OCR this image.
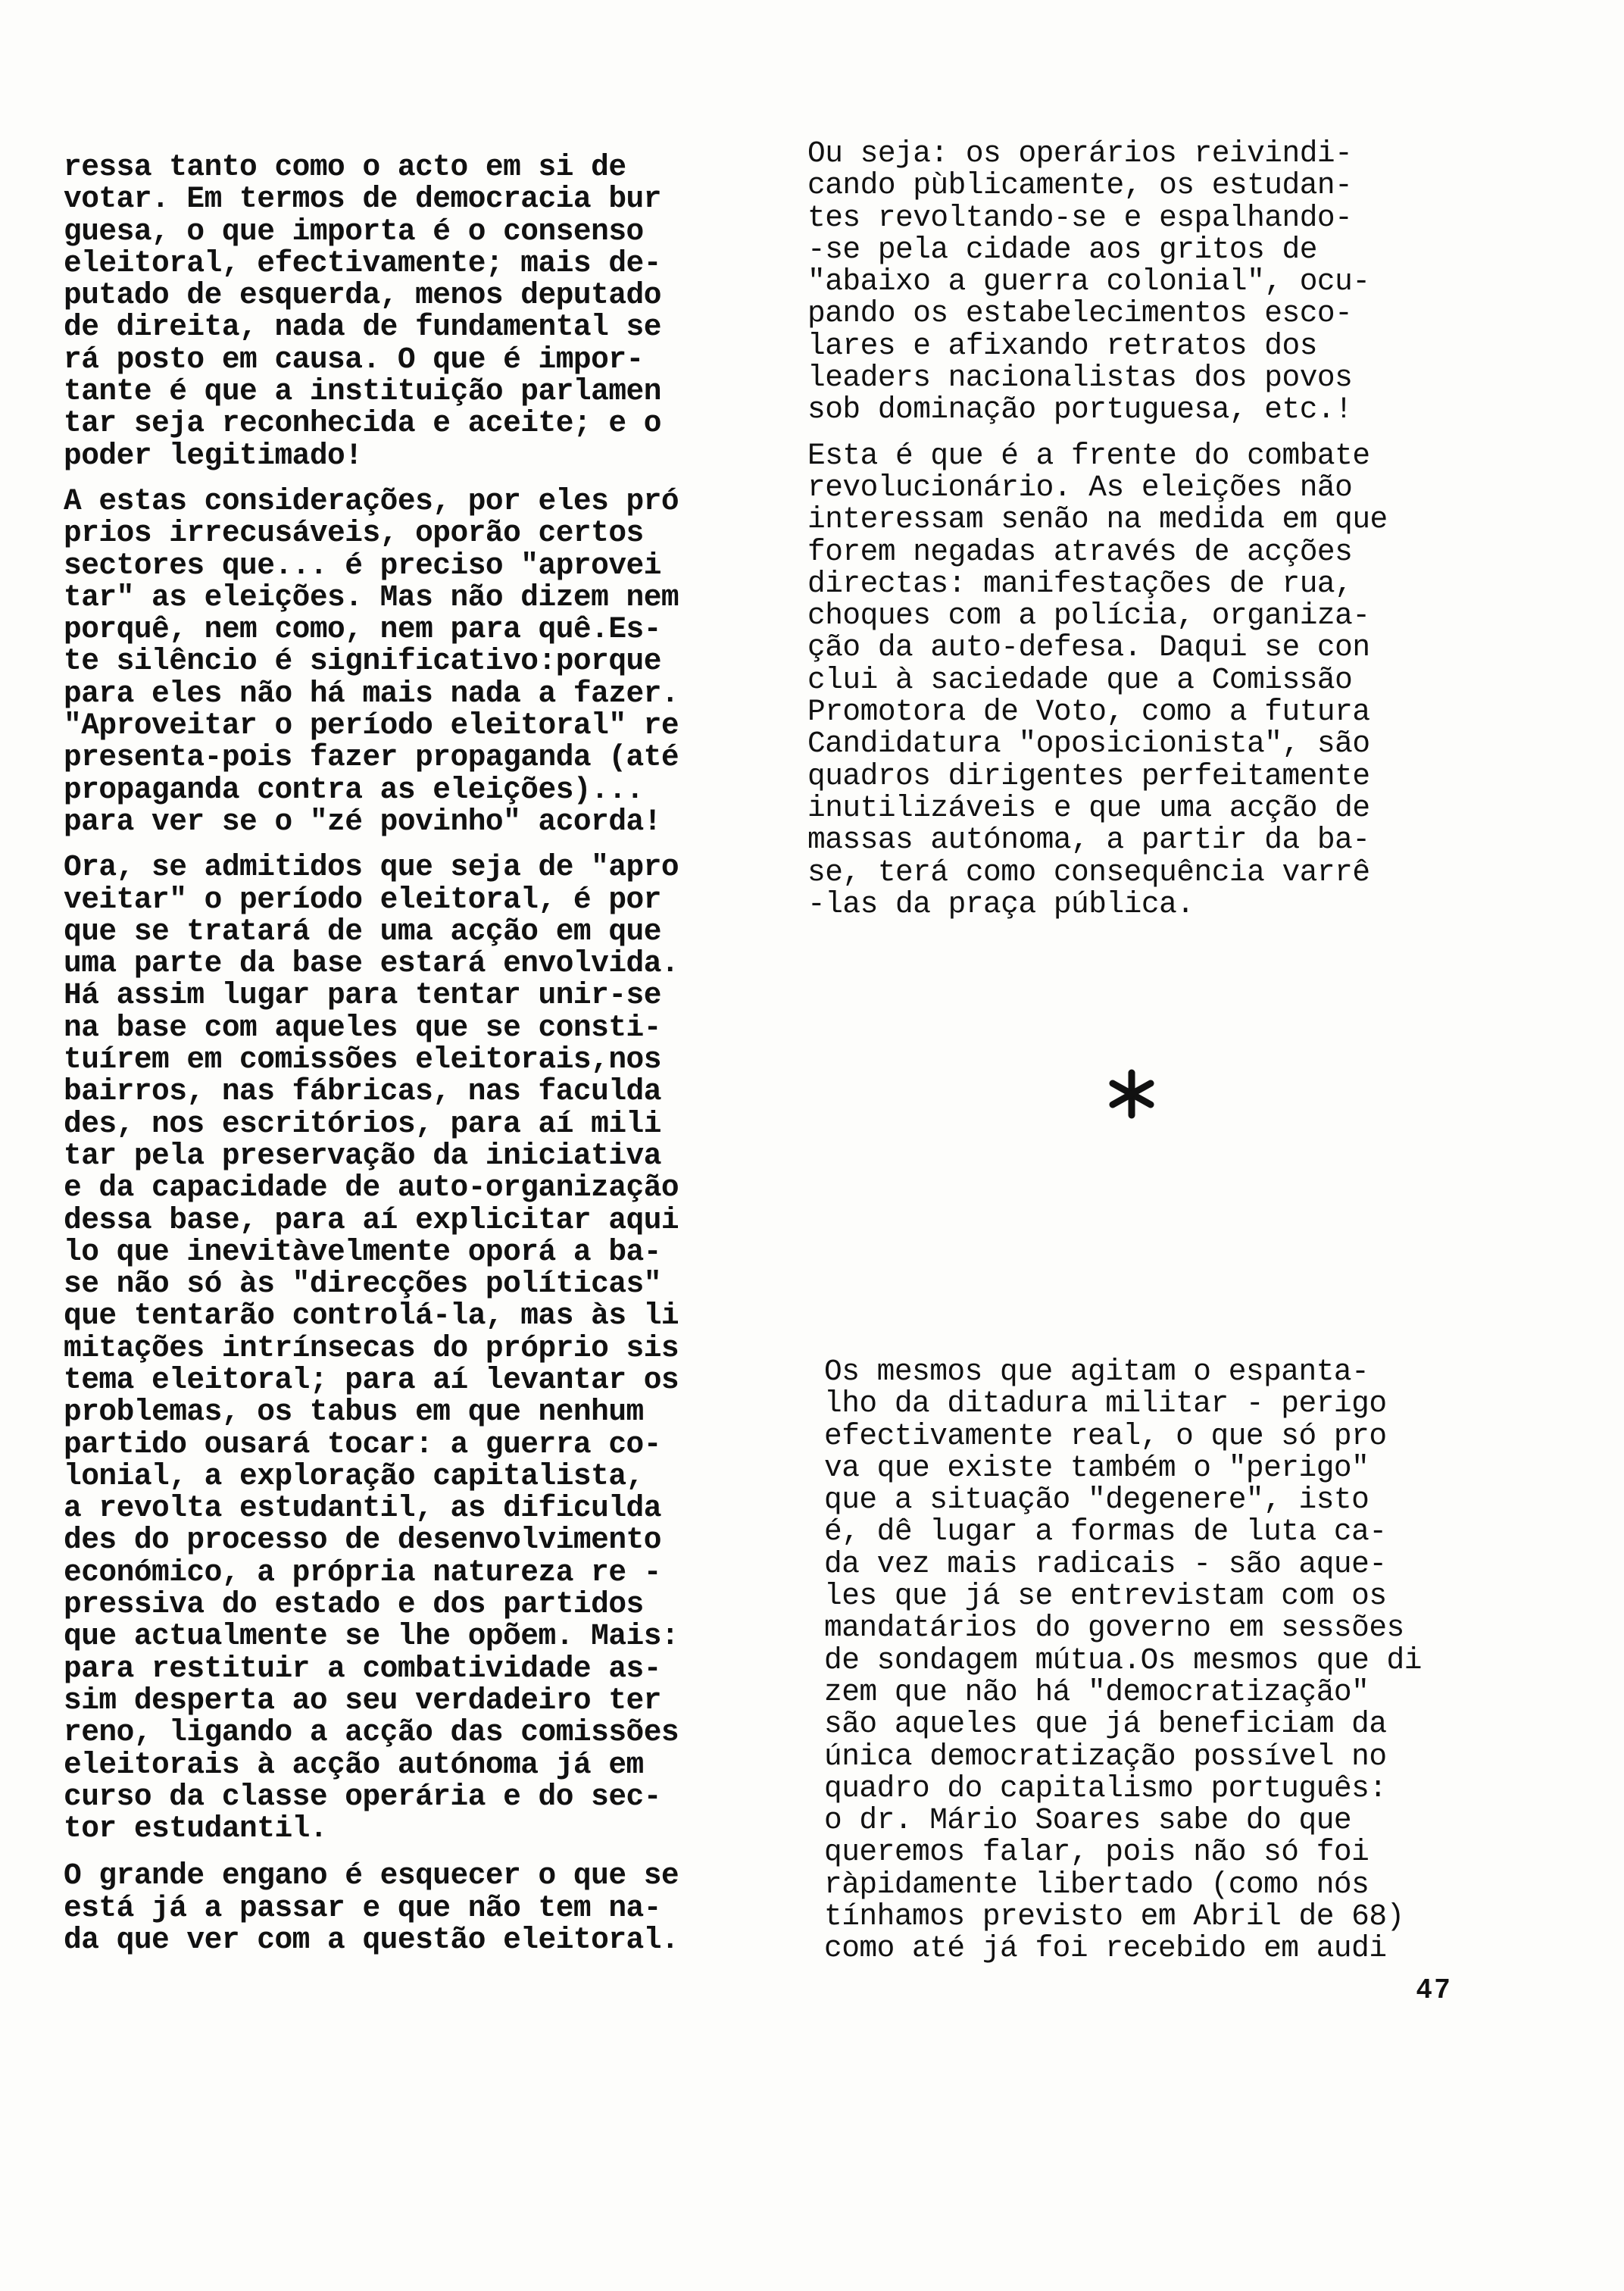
ressa tanto como o acto em si de
votar. Em termos de democracia bur
guesa, o que importa é o consenso
eleitoral, efectivamente; mais de-
putado de esquerda, menos deputado
de direita, nada de fundamental se
rá posto em causa. O que é impor-
tante é que a instituição parlamen
tar seja reconhecida e aceite; e o
poder legitimado!

A estas considerações, por eles pró
prios irrecusáveis, oporão certos
sectores que... é preciso "aprovei
tar" as eleições. Mas não dizem nem
porquê, nem como, nem para quê.Es-
te silêncio é significativo:porque
para eles não há mais nada a fazer.
"Aproveitar o período eleitoral" re
presenta-pois fazer propaganda (até
propaganda contra as eleições)...
para ver se o "zé povinho" acorda!

Ora, se admitidos que seja de "apro
veitar" o período eleitoral, é por
que se tratará de uma acção em que
uma parte da base estará envolvida.
Há assim lugar para tentar unir-se
na base com aqueles que se consti-
tuírem em comissões eleitorais,nos
bairros, nas fábricas, nas faculda
des, nos escritórios, para aí mili
tar pela preservação da iniciativa
e da capacidade de auto-organização
dessa base, para aí explicitar aqui
lo que inevitàvelmente oporá a ba-
se não só às "direcções políticas"
que tentarão controlá-la, mas às li
mitações intrínsecas do próprio sis
tema eleitoral; para aí levantar os
problemas, os tabus em que nenhum
partido ousará tocar: a guerra co-
lonial, a exploração capitalista,
a revolta estudantil, as dificulda
des do processo de desenvolvimento
económico, a própria natureza re -
pressiva do estado e dos partidos
que actualmente se lhe opõem. Mais:
para restituir a combatividade as-
sim desperta ao seu verdadeiro ter
reno, ligando a acção das comissões
eleitorais à acção autónoma já em
curso da classe operária e do sec-
tor estudantil.

O grande engano é esquecer o que se
está já a passar e que não tem na-
da que ver com a questão eleitoral.

Ou seja: os operários reivindi-
cando pùblicamente, os estudan-
tes revoltando-se e espalhando-
-se pela cidade aos gritos de
"abaixo a guerra colonial", ocu-
pando os estabelecimentos esco-
lares e afixando retratos dos
leaders nacionalistas dos povos
sob dominação portuguesa, etc.!

Esta é que é a frente do combate
revolucionário. As eleições não
interessam senão na medida em que
forem negadas através de acções
directas: manifestações de rua,
choques com a polícia, organiza-
ção da auto-defesa. Daqui se con
clui à saciedade que a Comissão
Promotora de Voto, como a futura
Candidatura "oposicionista", são
quadros dirigentes perfeitamente
inutilizáveis e que uma acção de
massas autónoma, a partir da ba-
se, terá como consequência varrê
-las da praça pública.

Os mesmos que agitam o espanta-
lho da ditadura militar - perigo
efectivamente real, o que só pro
va que existe também o "perigo"
que a situação "degenere", isto
é, dê lugar a formas de luta ca-
da vez mais radicais - são aque-
les que já se entrevistam com os
mandatários do governo em sessões
de sondagem mútua.Os mesmos que di
zem que não há "democratização"
são aqueles que já beneficiam da
única democratização possível no
quadro do capitalismo português:
o dr. Mário Soares sabe do que
queremos falar, pois não só foi
ràpidamente libertado (como nós
tínhamos previsto em Abril de 68)
como até já foi recebido em audi

47
